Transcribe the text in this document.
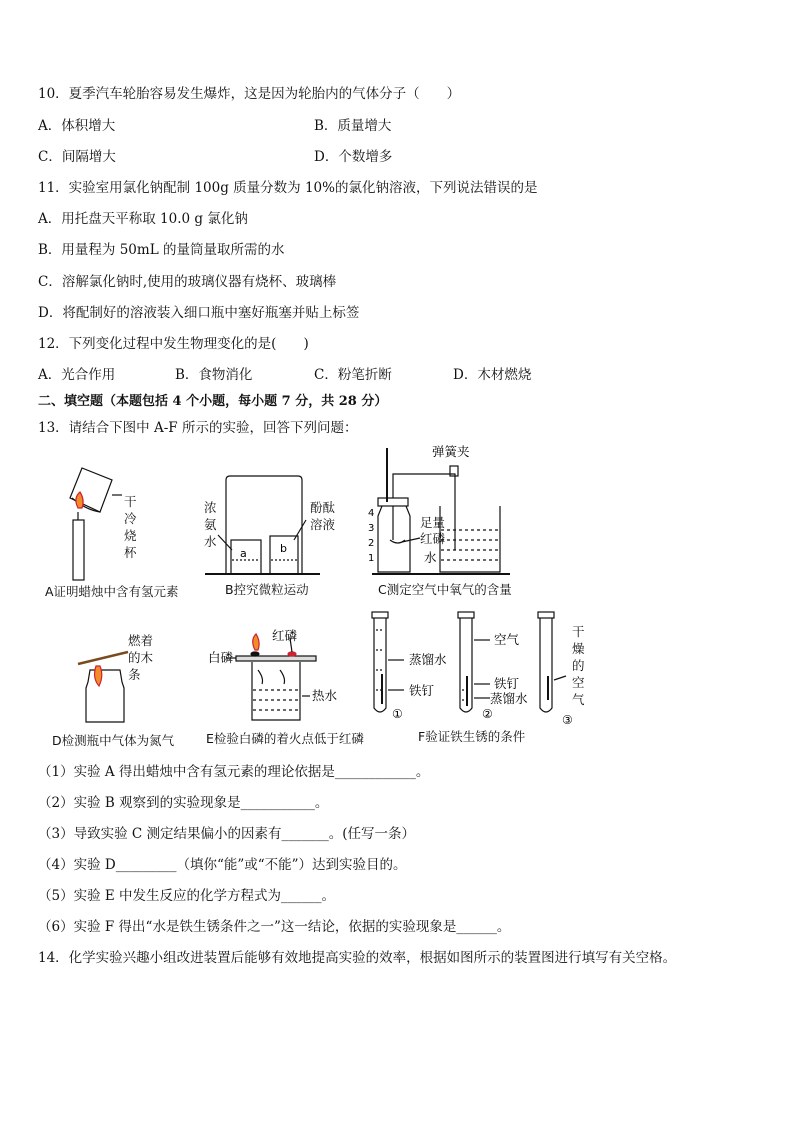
10．夏季汽车轮胎容易发生爆炸，这是因为轮胎内的气体分子（　　）
A．体积增大	B．质量增大
C．间隔增大	D．个数增多
11．实验室用氯化钠配制 100g 质量分数为 10%的氯化钠溶液，下列说法错误的是
A．用托盘天平称取 10.0 g 氯化钠
B．用量程为 50mL 的量筒量取所需的水
C．溶解氯化钠时,使用的玻璃仪器有烧杯、玻璃棒
D．将配制好的溶液装入细口瓶中塞好瓶塞并贴上标签
12．下列变化过程中发生物理变化的是(　　)
A．光合作用	B．食物消化	C．粉笔折断	D．木材燃烧
二、填空题（本题包括 4 个小题，每小题 7 分，共 28 分）
13．请结合下图中 A-F 所示的实验，回答下列问题：
干
冷
烧
杯	a	b
浓
氨
水
酚酞
溶液
4
3
2
1
弹簧夹
足量
红磷
水
燃着
的木
条
白磷
红磷
热水
蒸馏水
铁钉
空气
铁钉
蒸馏水
干
燥
的
空
气
①	②	③
A证明蜡烛中含有氢元素	B控究微粒运动	C测定空气中氧气的含量
D检测瓶中气体为氮气	E检验白磷的着火点低于红磷	F验证铁生锈的条件
（1）实验 A 得出蜡烛中含有氢元素的理论依据是____________。
（2）实验 B 观察到的实验现象是___________。
（3）导致实验 C 测定结果偏小的因素有_______。(任写一条）
（4）实验 D_________（填你“能”或“不能”）达到实验目的。
（5）实验 E 中发生反应的化学方程式为______。
（6）实验 F 得出“水是铁生锈条件之一”这一结论，依据的实验现象是______。
14．化学实验兴趣小组改进装置后能够有效地提高实验的效率，根据如图所示的装置图进行填写有关空格。
